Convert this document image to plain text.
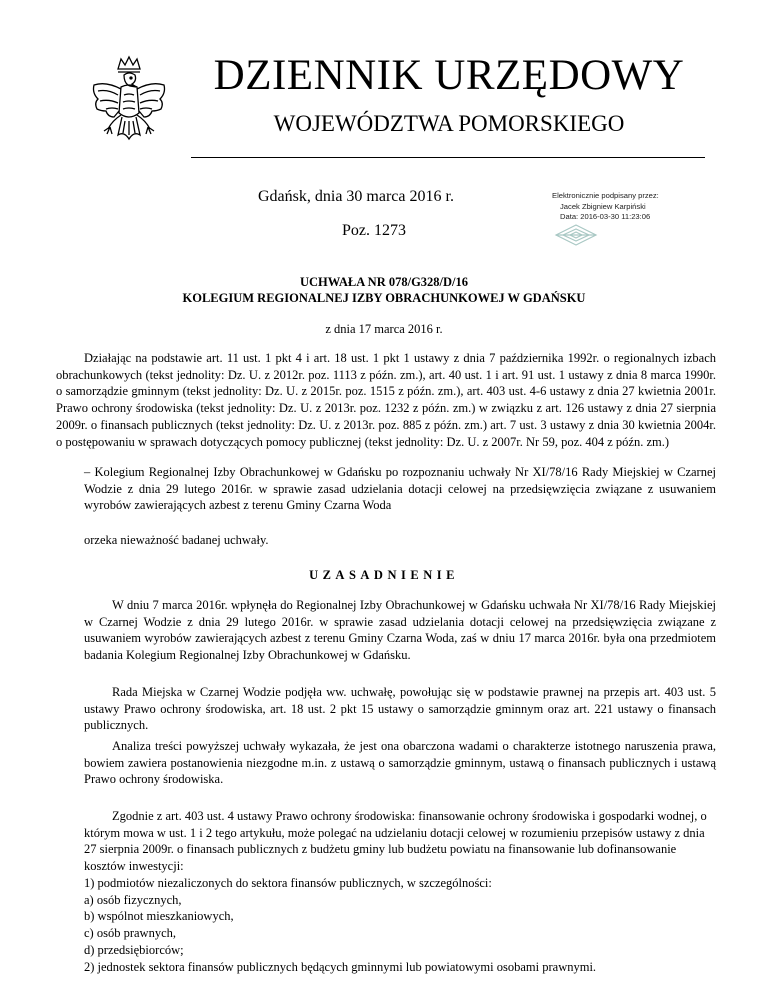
DZIENNIK URZĘDOWY
WOJEWÓDZTWA POMORSKIEGO
Gdańsk, dnia 30 marca 2016 r.
Poz. 1273
Elektronicznie podpisany przez:
Jacek Zbigniew Karpiński
Data: 2016-03-30 11:23:06
UCHWAŁA NR 078/G328/D/16
KOLEGIUM REGIONALNEJ IZBY OBRACHUNKOWEJ W GDAŃSKU
z dnia 17 marca 2016 r.
Działając na podstawie art. 11 ust. 1 pkt 4 i art. 18 ust. 1 pkt 1 ustawy z dnia 7 października 1992r. o regionalnych izbach obrachunkowych (tekst jednolity: Dz. U. z 2012r. poz. 1113 z późn. zm.), art. 40 ust. 1 i art. 91 ust. 1 ustawy z dnia 8 marca 1990r. o samorządzie gminnym (tekst jednolity: Dz. U. z 2015r. poz. 1515 z późn. zm.), art. 403 ust. 4-6 ustawy z dnia 27 kwietnia 2001r. Prawo ochrony środowiska (tekst jednolity: Dz. U. z 2013r. poz. 1232 z późn. zm.) w związku z art. 126 ustawy z dnia 27 sierpnia 2009r. o finansach publicznych (tekst jednolity: Dz. U. z 2013r. poz. 885 z późn. zm.) art. 7 ust. 3 ustawy z dnia 30 kwietnia 2004r. o postępowaniu w sprawach dotyczących pomocy publicznej (tekst jednolity: Dz. U. z 2007r. Nr 59, poz. 404 z późn. zm.)
– Kolegium Regionalnej Izby Obrachunkowej w Gdańsku po rozpoznaniu uchwały Nr XI/78/16 Rady Miejskiej w Czarnej Wodzie z dnia 29 lutego 2016r. w sprawie zasad udzielania dotacji celowej na przedsięwzięcia związane z usuwaniem wyrobów zawierających azbest z terenu Gminy Czarna Woda
orzeka nieważność badanej uchwały.
UZASADNIENIE
W dniu 7 marca 2016r. wpłynęła do Regionalnej Izby Obrachunkowej w Gdańsku uchwała Nr XI/78/16 Rady Miejskiej w Czarnej Wodzie z dnia 29 lutego 2016r. w sprawie zasad udzielania dotacji celowej na przedsięwzięcia związane z usuwaniem wyrobów zawierających azbest z terenu Gminy Czarna Woda, zaś w dniu 17 marca 2016r. była ona przedmiotem badania Kolegium Regionalnej Izby Obrachunkowej w Gdańsku.
Rada Miejska w Czarnej Wodzie podjęła ww. uchwałę, powołując się w podstawie prawnej na przepis art. 403 ust. 5 ustawy Prawo ochrony środowiska, art. 18 ust. 2 pkt 15 ustawy o samorządzie gminnym oraz art. 221 ustawy o finansach publicznych.
Analiza treści powyższej uchwały wykazała, że jest ona obarczona wadami o charakterze istotnego naruszenia prawa, bowiem zawiera postanowienia niezgodne m.in. z ustawą o samorządzie gminnym, ustawą o finansach publicznych i ustawą Prawo ochrony środowiska.
Zgodnie z art. 403 ust. 4 ustawy Prawo ochrony środowiska: finansowanie ochrony środowiska i gospodarki wodnej, o którym mowa w ust. 1 i 2 tego artykułu, może polegać na udzielaniu dotacji celowej w rozumieniu przepisów ustawy z dnia 27 sierpnia 2009r. o finansach publicznych z budżetu gminy lub budżetu powiatu na finansowanie lub dofinansowanie kosztów inwestycji:
1) podmiotów niezaliczonych do sektora finansów publicznych, w szczególności:
a) osób fizycznych,
b) wspólnot mieszkaniowych,
c) osób prawnych,
d) przedsiębiorców;
2) jednostek sektora finansów publicznych będących gminnymi lub powiatowymi osobami prawnymi.
